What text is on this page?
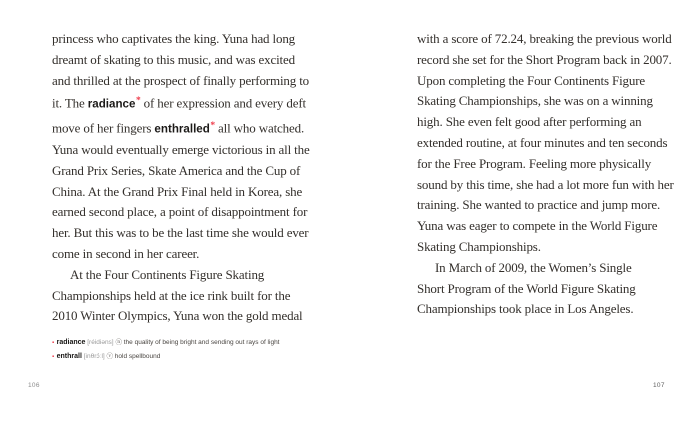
princess who captivates the king. Yuna had long
dreamt of skating to this music, and was excited
and thrilled at the prospect of finally performing to
it. The radiance* of her expression and every deft
move of her fingers enthralled* all who watched.
Yuna would eventually emerge victorious in all the
Grand Prix Series, Skate America and the Cup of
China. At the Grand Prix Final held in Korea, she
earned second place, a point of disappointment for
her. But this was to be the last time she would ever
come in second in her career.
At the Four Continents Figure Skating
Championships held at the ice rink built for the
2010 Winter Olympics, Yuna won the gold medal
▪ radiance [réidiəns] ⓝ the quality of being bright and sending out rays of light
▪ enthrall [inθrɔ́ːl] ⓥ hold spellbound
with a score of 72.24, breaking the previous world
record she set for the Short Program back in 2007.
Upon completing the Four Continents Figure
Skating Championships, she was on a winning
high. She even felt good after performing an
extended routine, at four minutes and ten seconds
for the Free Program. Feeling more physically
sound by this time, she had a lot more fun with her
training. She wanted to practice and jump more.
Yuna was eager to compete in the World Figure
Skating Championships.
In March of 2009, the Women’s Single
Short Program of the World Figure Skating
Championships took place in Los Angeles.
106	107
